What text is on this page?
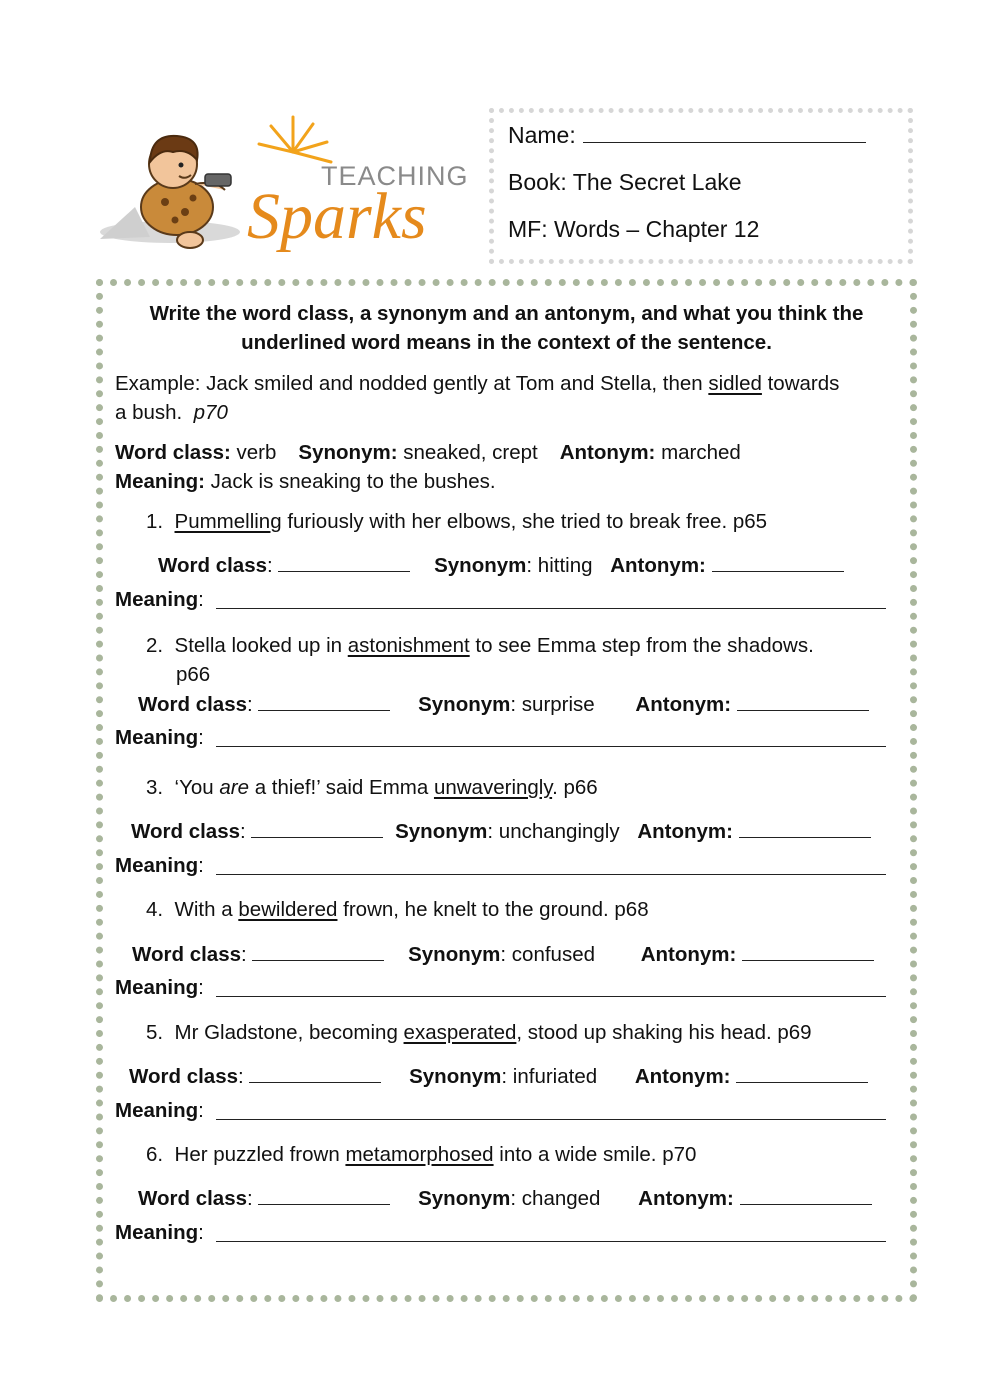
TEACHING
Sparks
Name:
Book: The Secret Lake
MF: Words – Chapter 12
Write the word class, a synonym and an antonym, and what you think the underlined word means in the context of the sentence.
Example: Jack smiled and nodded gently at Tom and Stella, then sidled towards
a bush. p70
Word class: verb Synonym: sneaked, crept Antonym: marched
Meaning: Jack is sneaking to the bushes.
1. Pummelling furiously with her elbows, she tried to break free. p65
Word class:	Synonym: hitting Antonym:
Meaning:
2. Stella looked up in astonishment to see Emma step from the shadows.
p66
Word class:	Synonym: surprise Antonym:
Meaning:
3. ‘You are a thief!’ said Emma unwaveringly. p66
Word class:	Synonym: unchangingly Antonym:
Meaning:
4. With a bewildered frown, he knelt to the ground. p68
Word class:	Synonym: confused Antonym:
Meaning:
5. Mr Gladstone, becoming exasperated, stood up shaking his head. p69
Word class:	Synonym: infuriated Antonym:
Meaning:
6. Her puzzled frown metamorphosed into a wide smile. p70
Word class:	Synonym: changed Antonym:
Meaning:
